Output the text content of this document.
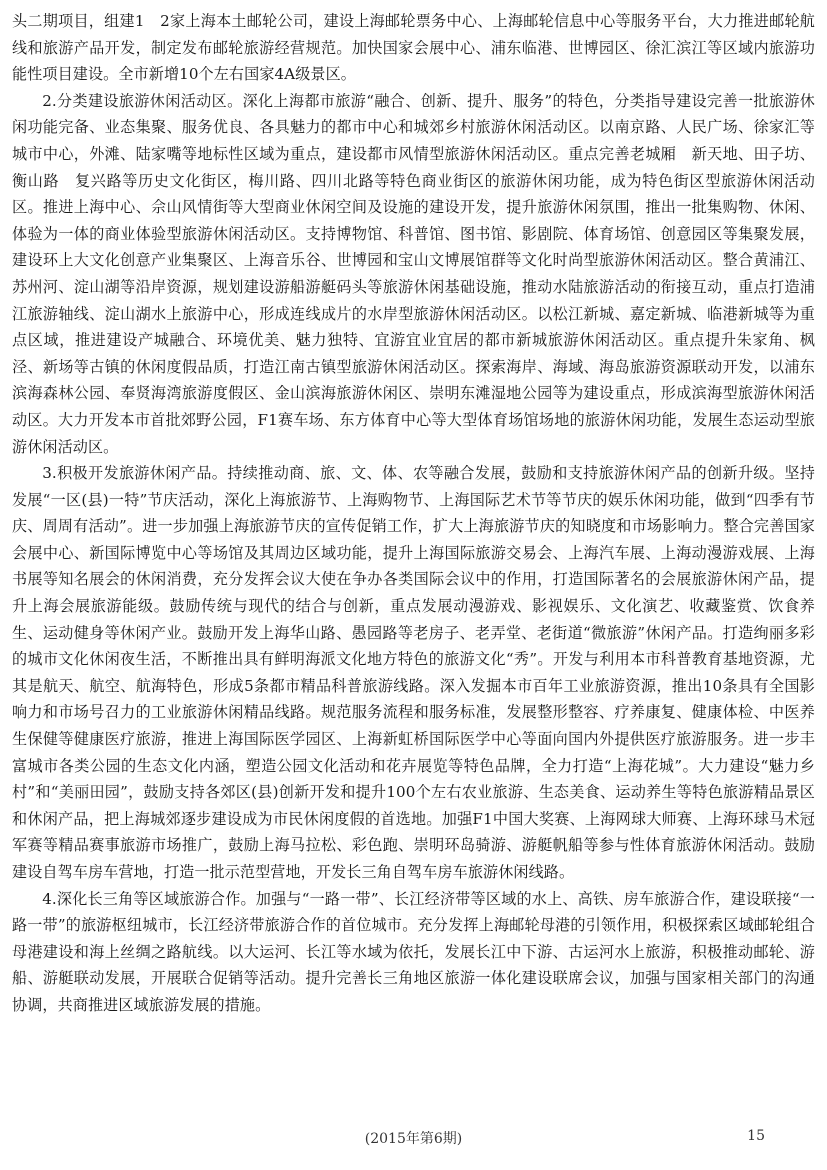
头二期项目，组建1　2家上海本土邮轮公司，建设上海邮轮票务中心、上海邮轮信息中心等服务平台，大力推进邮轮航线和旅游产品开发，制定发布邮轮旅游经营规范。加快国家会展中心、浦东临港、世博园区、徐汇滨江等区域内旅游功能性项目建设。全市新增10个左右国家4A级景区。

2.分类建设旅游休闲活动区。深化上海都市旅游“融合、创新、提升、服务”的特色，分类指导建设完善一批旅游休闲功能完备、业态集聚、服务优良、各具魅力的都市中心和城郊乡村旅游休闲活动区。以南京路、人民广场、徐家汇等城市中心，外滩、陆家嘴等地标性区域为重点，建设都市风情型旅游休闲活动区。重点完善老城厢　新天地、田子坊、衡山路　复兴路等历史文化街区，梅川路、四川北路等特色商业街区的旅游休闲功能，成为特色街区型旅游休闲活动区。推进上海中心、佘山风情街等大型商业休闲空间及设施的建设开发，提升旅游休闲氛围，推出一批集购物、休闲、体验为一体的商业体验型旅游休闲活动区。支持博物馆、科普馆、图书馆、影剧院、体育场馆、创意园区等集聚发展，建设环上大文化创意产业集聚区、上海音乐谷、世博园和宝山文博展馆群等文化时尚型旅游休闲活动区。整合黄浦江、苏州河、淀山湖等沿岸资源，规划建设游船游艇码头等旅游休闲基础设施，推动水陆旅游活动的衔接互动，重点打造浦江旅游轴线、淀山湖水上旅游中心，形成连线成片的水岸型旅游休闲活动区。以松江新城、嘉定新城、临港新城等为重点区域，推进建设产城融合、环境优美、魅力独特、宜游宜业宜居的都市新城旅游休闲活动区。重点提升朱家角、枫泾、新场等古镇的休闲度假品质，打造江南古镇型旅游休闲活动区。探索海岸、海域、海岛旅游资源联动开发，以浦东滨海森林公园、奉贤海湾旅游度假区、金山滨海旅游休闲区、崇明东滩湿地公园等为建设重点，形成滨海型旅游休闲活动区。大力开发本市首批郊野公园，F1赛车场、东方体育中心等大型体育场馆场地的旅游休闲功能，发展生态运动型旅游休闲活动区。

3.积极开发旅游休闲产品。持续推动商、旅、文、体、农等融合发展，鼓励和支持旅游休闲产品的创新升级。坚持发展“一区(县)一特”节庆活动，深化上海旅游节、上海购物节、上海国际艺术节等节庆的娱乐休闲功能，做到“四季有节庆、周周有活动”。进一步加强上海旅游节庆的宣传促销工作，扩大上海旅游节庆的知晓度和市场影响力。整合完善国家会展中心、新国际博览中心等场馆及其周边区域功能，提升上海国际旅游交易会、上海汽车展、上海动漫游戏展、上海书展等知名展会的休闲消费，充分发挥会议大使在争办各类国际会议中的作用，打造国际著名的会展旅游休闲产品，提升上海会展旅游能级。鼓励传统与现代的结合与创新，重点发展动漫游戏、影视娱乐、文化演艺、收藏鉴赏、饮食养生、运动健身等休闲产业。鼓励开发上海华山路、愚园路等老房子、老弄堂、老街道“微旅游”休闲产品。打造绚丽多彩的城市文化休闲夜生活，不断推出具有鲜明海派文化地方特色的旅游文化“秀”。开发与利用本市科普教育基地资源，尤其是航天、航空、航海特色，形成5条都市精品科普旅游线路。深入发掘本市百年工业旅游资源，推出10条具有全国影响力和市场号召力的工业旅游休闲精品线路。规范服务流程和服务标准，发展整形整容、疗养康复、健康体检、中医养生保健等健康医疗旅游，推进上海国际医学园区、上海新虹桥国际医学中心等面向国内外提供医疗旅游服务。进一步丰富城市各类公园的生态文化内涵，塑造公园文化活动和花卉展览等特色品牌，全力打造“上海花城”。大力建设“魅力乡村”和“美丽田园”，鼓励支持各郊区(县)创新开发和提升100个左右农业旅游、生态美食、运动养生等特色旅游精品景区和休闲产品，把上海城郊逐步建设成为市民休闲度假的首选地。加强F1中国大奖赛、上海网球大师赛、上海环球马术冠军赛等精品赛事旅游市场推广，鼓励上海马拉松、彩色跑、崇明环岛骑游、游艇帆船等参与性体育旅游休闲活动。鼓励建设自驾车房车营地，打造一批示范型营地，开发长三角自驾车房车旅游休闲线路。

4.深化长三角等区域旅游合作。加强与“一路一带”、长江经济带等区域的水上、高铁、房车旅游合作，建设联接“一路一带”的旅游枢纽城市，长江经济带旅游合作的首位城市。充分发挥上海邮轮母港的引领作用，积极探索区域邮轮组合母港建设和海上丝绸之路航线。以大运河、长江等水域为依托，发展长江中下游、古运河水上旅游，积极推动邮轮、游船、游艇联动发展，开展联合促销等活动。提升完善长三角地区旅游一体化建设联席会议，加强与国家相关部门的沟通协调，共商推进区域旅游发展的措施。

(2015年第6期)	15
